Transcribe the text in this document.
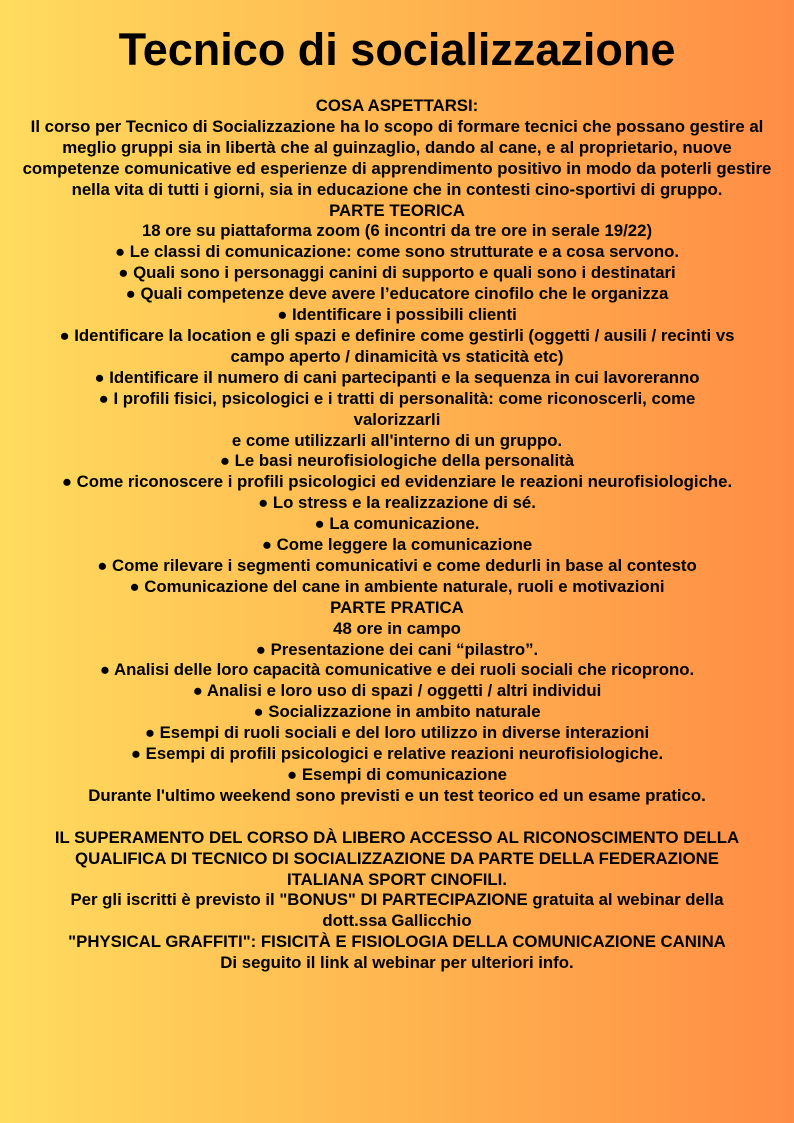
Tecnico di socializzazione

COSA ASPETTARSI:

Il corso per Tecnico di Socializzazione ha lo scopo di formare tecnici che possano gestire al meglio gruppi sia in libertà che al guinzaglio, dando al cane, e al proprietario, nuove competenze comunicative ed esperienze di apprendimento positivo in modo da poterli gestire nella vita di tutti i giorni, sia in educazione che in contesti cino-sportivi di gruppo.

PARTE TEORICA

18 ore su piattaforma zoom (6 incontri da tre ore in serale 19/22)

● Le classi di comunicazione: come sono strutturate e a cosa servono.

● Quali sono i personaggi canini di supporto e quali sono i destinatari

● Quali competenze deve avere l’educatore cinofilo che le organizza

● Identificare i possibili clienti

● Identificare la location e gli spazi e definire come gestirli (oggetti / ausili / recinti vs campo aperto / dinamicità vs staticità etc)

● Identificare il numero di cani partecipanti e la sequenza in cui lavoreranno

● I profili fisici, psicologici e i tratti di personalità: come riconoscerli, come valorizzarli

e come utilizzarli all'interno di un gruppo.

● Le basi neurofisiologiche della personalità

● Come riconoscere i profili psicologici ed evidenziare le reazioni neurofisiologiche.

● Lo stress e la realizzazione di sé.

● La comunicazione.

● Come leggere la comunicazione

● Come rilevare i segmenti comunicativi e come dedurli in base al contesto

● Comunicazione del cane in ambiente naturale, ruoli e motivazioni

PARTE PRATICA

48 ore in campo

● Presentazione dei cani “pilastro”.

● Analisi delle loro capacità comunicative e dei ruoli sociali che ricoprono.

● Analisi e loro uso di spazi / oggetti / altri individui

● Socializzazione in ambito naturale

● Esempi di ruoli sociali e del loro utilizzo in diverse interazioni

● Esempi di profili psicologici e relative reazioni neurofisiologiche.

● Esempi di comunicazione

Durante l'ultimo weekend sono previsti e un test teorico ed un esame pratico.

IL SUPERAMENTO DEL CORSO DÀ LIBERO ACCESSO AL RICONOSCIMENTO DELLA QUALIFICA DI TECNICO DI SOCIALIZZAZIONE DA PARTE DELLA FEDERAZIONE ITALIANA SPORT CINOFILI.

Per gli iscritti è previsto il "BONUS" DI PARTECIPAZIONE gratuita al webinar della dott.ssa Gallicchio

"PHYSICAL GRAFFITI": FISICITÀ E FISIOLOGIA DELLA COMUNICAZIONE CANINA

Di seguito il link al webinar per ulteriori info.
